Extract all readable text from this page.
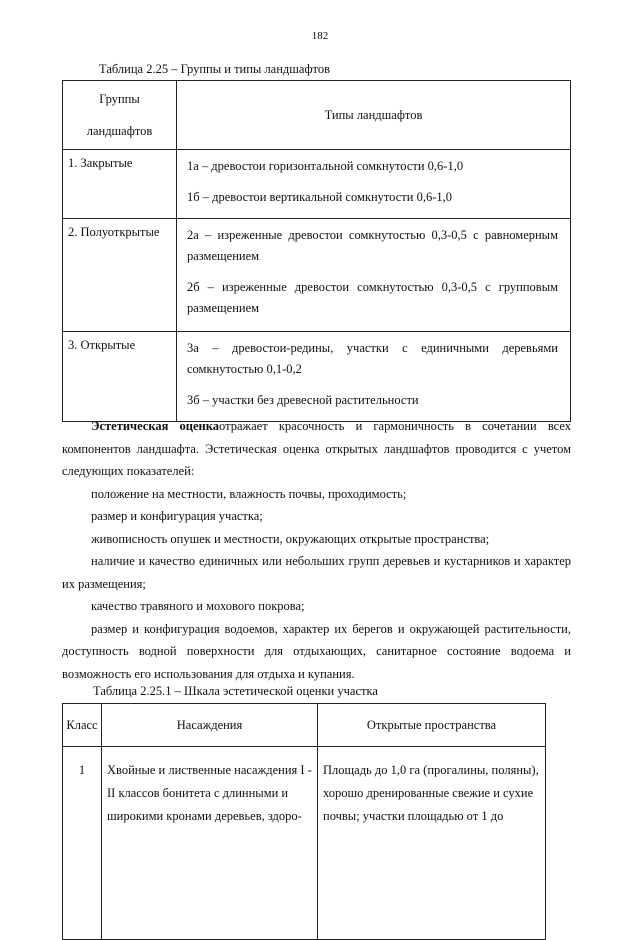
182
Таблица 2.25 – Группы и типы ландшафтов
Группы
ландшафтов	Типы ландшафтов
1. Закрытые	1а – древостои горизонтальной сомкнутости 0,6-1,0

1б – древостои вертикальной сомкнутости 0,6-1,0

2. Полуоткрытые	2а – изреженные древостои сомкнутостью 0,3-0,5 с равномерным размещением

2б – изреженные древостои сомкнутостью 0,3-0,5 с групповым размещением

3. Открытые	3а – древостои-редины, участки с единичными деревьями сомкнутостью 0,1-0,2

3б – участки без древесной растительности

Эстетическая оценкаотражает красочность и гармоничность в сочетании всех компонентов ландшафта. Эстетическая оценка открытых ландшафтов проводится с учетом следующих показателей:

положение на местности, влажность почвы, проходимость;

размер и конфигурация участка;

живописность опушек и местности, окружающих открытые пространства;

наличие и качество единичных или небольших групп деревьев и кустарников и характер их размещения;

качество травяного и мохового покрова;

размер и конфигурация водоемов, характер их берегов и окружающей растительности, доступность водной поверхности для отдыхающих, санитарное состояние водоема и возможность его использования для отдыха и купания.

Таблица 2.25.1 – Шкала эстетической оценки участка
Класс	Насаждения	Открытые пространства
1	Хвойные и лиственные насаждения I - II классов бонитета с длинными и широкими кронами деревьев, здоро-	Площадь до 1,0 га (прогалины, поляны), хорошо дренированные свежие и сухие почвы; участки площадью от 1 до
